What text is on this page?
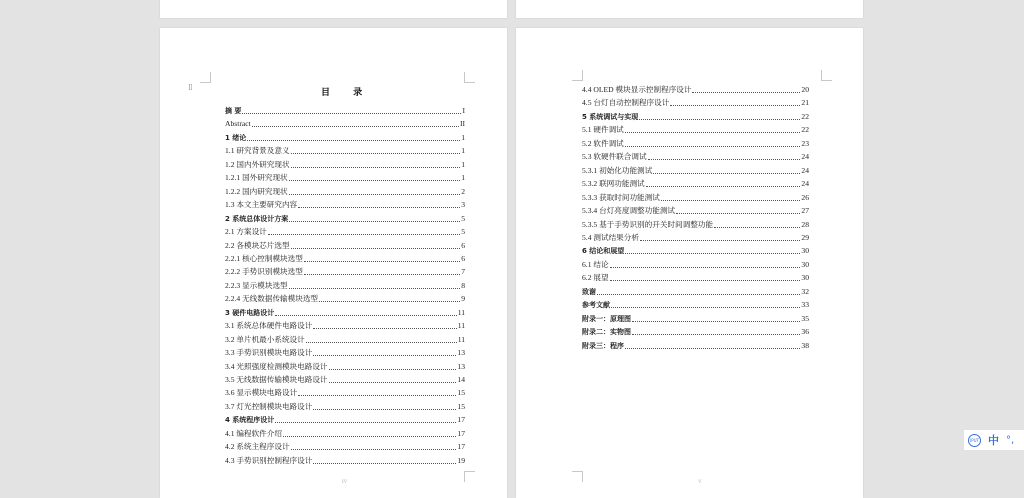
⁞⁞	目 录
摘 要	I
Abstract	II
1 绪论	1
1.1 研究背景及意义	1
1.2 国内外研究现状	1
1.2.1 国外研究现状	1
1.2.2 国内研究现状	2
1.3 本文主要研究内容	3
2 系统总体设计方案	5
2.1 方案设计	5
2.2 各模块芯片选型	6
2.2.1 核心控制模块选型	6
2.2.2 手势识别模块选型	7
2.2.3 显示模块选型	8
2.2.4 无线数据传输模块选型	9
3 硬件电路设计	11
3.1 系统总体硬件电路设计	11
3.2 单片机最小系统设计	11
3.3 手势识别模块电路设计	13
3.4 光照强度检测模块电路设计	13
3.5 无线数据传输模块电路设计	14
3.6 显示模块电路设计	15
3.7 灯光控制模块电路设计	15
4 系统程序设计	17
4.1 编程软件介绍	17
4.2 系统主程序设计	17
4.3 手势识别控制程序设计	19
IV
4.4 OLED 模块显示控制程序设计	20
4.5 台灯自动控制程序设计	21
5 系统调试与实现	22
5.1 硬件调试	22
5.2 软件调试	23
5.3 软硬件联合调试	24
5.3.1 初始化功能测试	24
5.3.2 联网功能测试	24
5.3.3 获取时间功能测试	26
5.3.4 台灯亮度调整功能测试	27
5.3.5 基于手势识别的开关时间调整功能	28
5.4 测试结果分析	29
6 结论和展望	30
6.1 结论	30
6.2 展望	30
致谢	32
参考文献	33
附录一：原理图	35
附录二：实物图	36
附录三：程序	38
V
IPUT 中 °,
